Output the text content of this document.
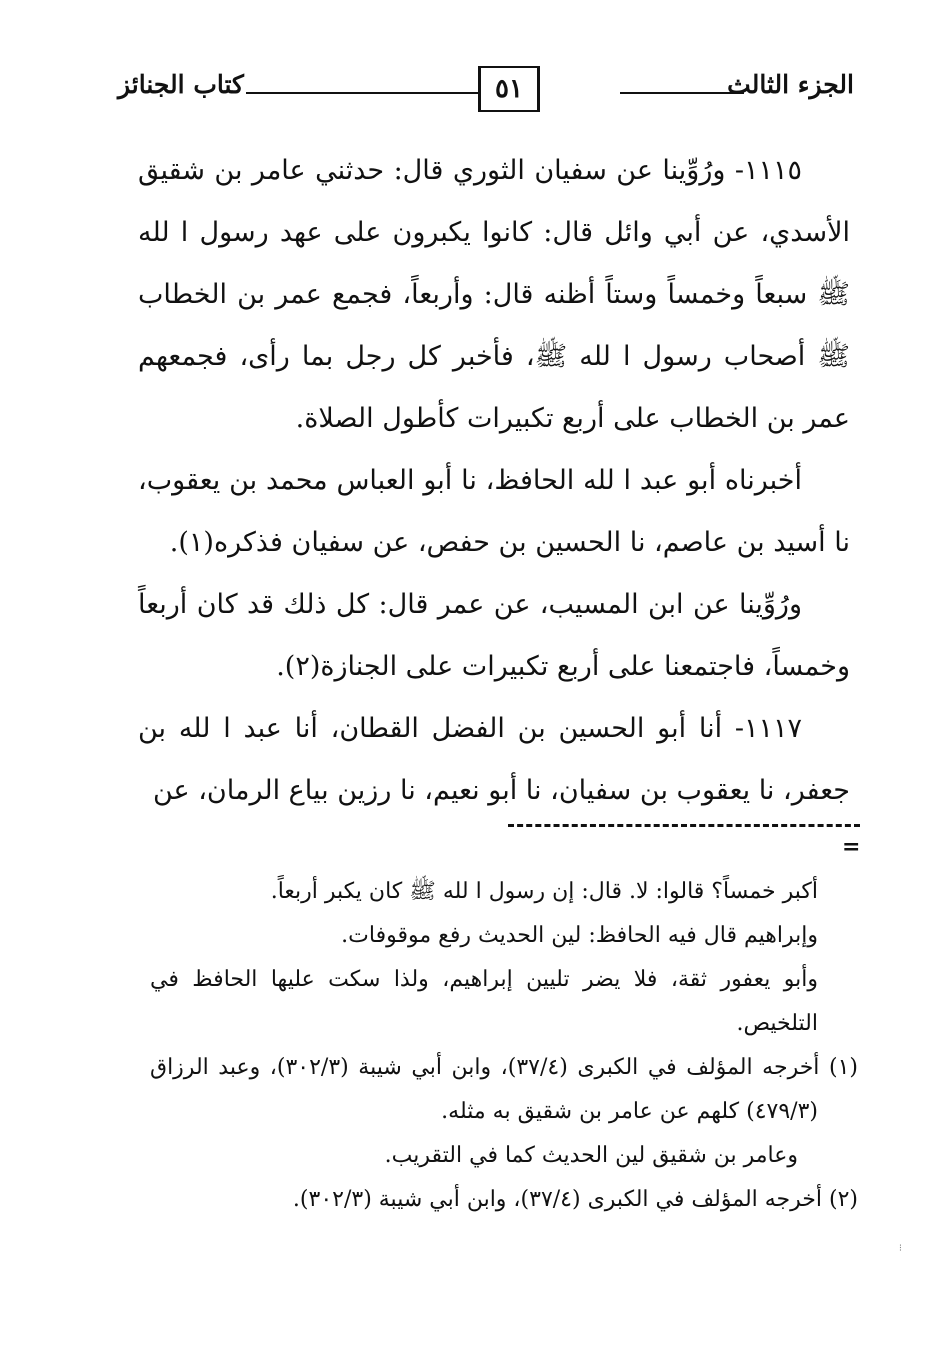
الجزء الثالث
٥١
كتاب الجنائز

١١١٥- ورُوِّينا عن سفيان الثوري قال: حدثني عامر بن شقيق الأسدي، عن أبي وائل قال: كانوا يكبرون على عهد رسول ا لله ﷺ سبعاً وخمساً وستاً أظنه قال: وأربعاً، فجمع عمر بن الخطاب ﷺ أصحاب رسول ا لله ﷺ، فأخبر كل رجل بما رأى، فجمعهم عمر بن الخطاب على أربع تكبيرات كأطول الصلاة.

أخبرناه أبو عبد ا لله الحافظ، نا أبو العباس محمد بن يعقوب، نا أسيد بن عاصم، نا الحسين بن حفص، عن سفيان فذكره(١).

ورُوِّينا عن ابن المسيب، عن عمر قال: كل ذلك قد كان أربعاً وخمساً، فاجتمعنا على أربع تكبيرات على الجنازة(٢).

١١١٧- أنا أبو الحسين بن الفضل القطان، أنا عبد ا لله بن جعفر، نا يعقوب بن سفيان، نا أبو نعيم، نا رزين بياع الرمان، عن

=

أكبر خمساً؟ قالوا: لا. قال: إن رسول ا لله ﷺ كان يكبر أربعاً.

وإبراهيم قال فيه الحافظ: لين الحديث رفع موقوفات.

وأبو يعفور ثقة، فلا يضر تليين إبراهيم، ولذا سكت عليها الحافظ في التلخيص.

(١) أخرجه المؤلف في الكبرى (٣٧/٤)، وابن أبي شيبة (٣٠٢/٣)، وعبد الرزاق (٤٧٩/٣) كلهم عن عامر بن شقيق به مثله.

وعامر بن شقيق لين الحديث كما في التقريب.

(٢) أخرجه المؤلف في الكبرى (٣٧/٤)، وابن أبي شيبة (٣٠٢/٣).

⁝
